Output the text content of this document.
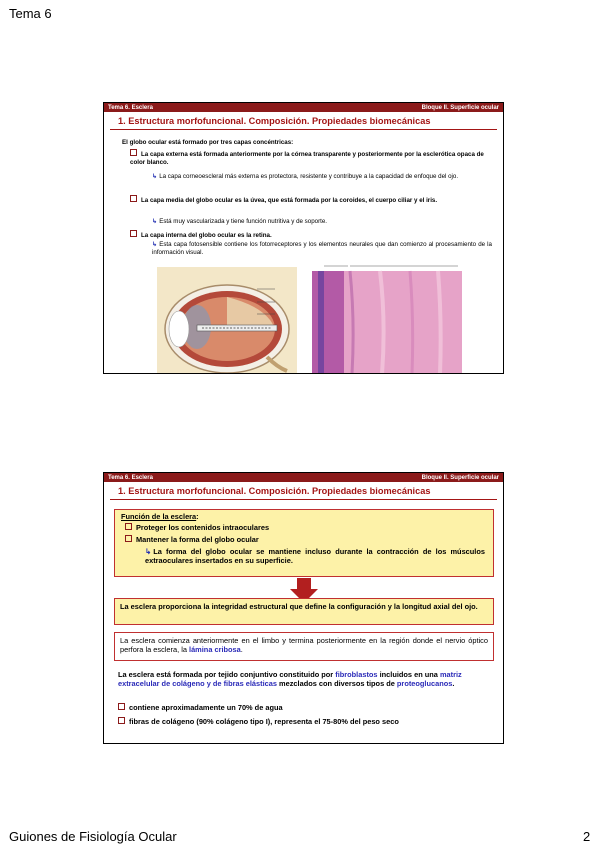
Tema 6
Tema 6. Esclera	Bloque II. Superficie ocular
1. Estructura morfofuncional. Composición. Propiedades biomecánicas
El globo ocular está formado por tres capas concéntricas:
La capa externa está formada anteriormente por la córnea transparente y posteriormente por la esclerótica opaca de color blanco.
↳ La capa corneoescleral más externa es protectora, resistente y contribuye a la capacidad de enfoque del ojo.
La capa media del globo ocular es la úvea, que está formada por la coroides, el cuerpo ciliar y el iris.
↳ Está muy vascularizada y tiene función nutritiva y de soporte.
La capa interna del globo ocular es la retina.
↳ Esta capa fotosensible contiene los fotorreceptores y los elementos neurales que dan comienzo al procesamiento de la información visual.
Tema 6. Esclera	Bloque II. Superficie ocular
1. Estructura morfofuncional. Composición. Propiedades biomecánicas
Función de la esclera:
Proteger los contenidos intraoculares
Mantener la forma del globo ocular
↳ La forma del globo ocular se mantiene incluso durante la contracción de los músculos extraoculares insertados en su superficie.
La esclera proporciona la integridad estructural que define la configuración y la longitud axial del ojo.
La esclera comienza anteriormente en el limbo y termina posteriormente en la región donde el nervio óptico perfora la esclera, la lámina cribosa.
La esclera está formada por tejido conjuntivo constituido por fibroblastos incluidos en una matriz extracelular de colágeno y de fibras elásticas mezclados con diversos tipos de proteoglucanos.
contiene aproximadamente un 70% de agua
fibras de colágeno (90% colágeno tipo I), representa el 75-80% del peso seco
Guiones de Fisiología Ocular	2
